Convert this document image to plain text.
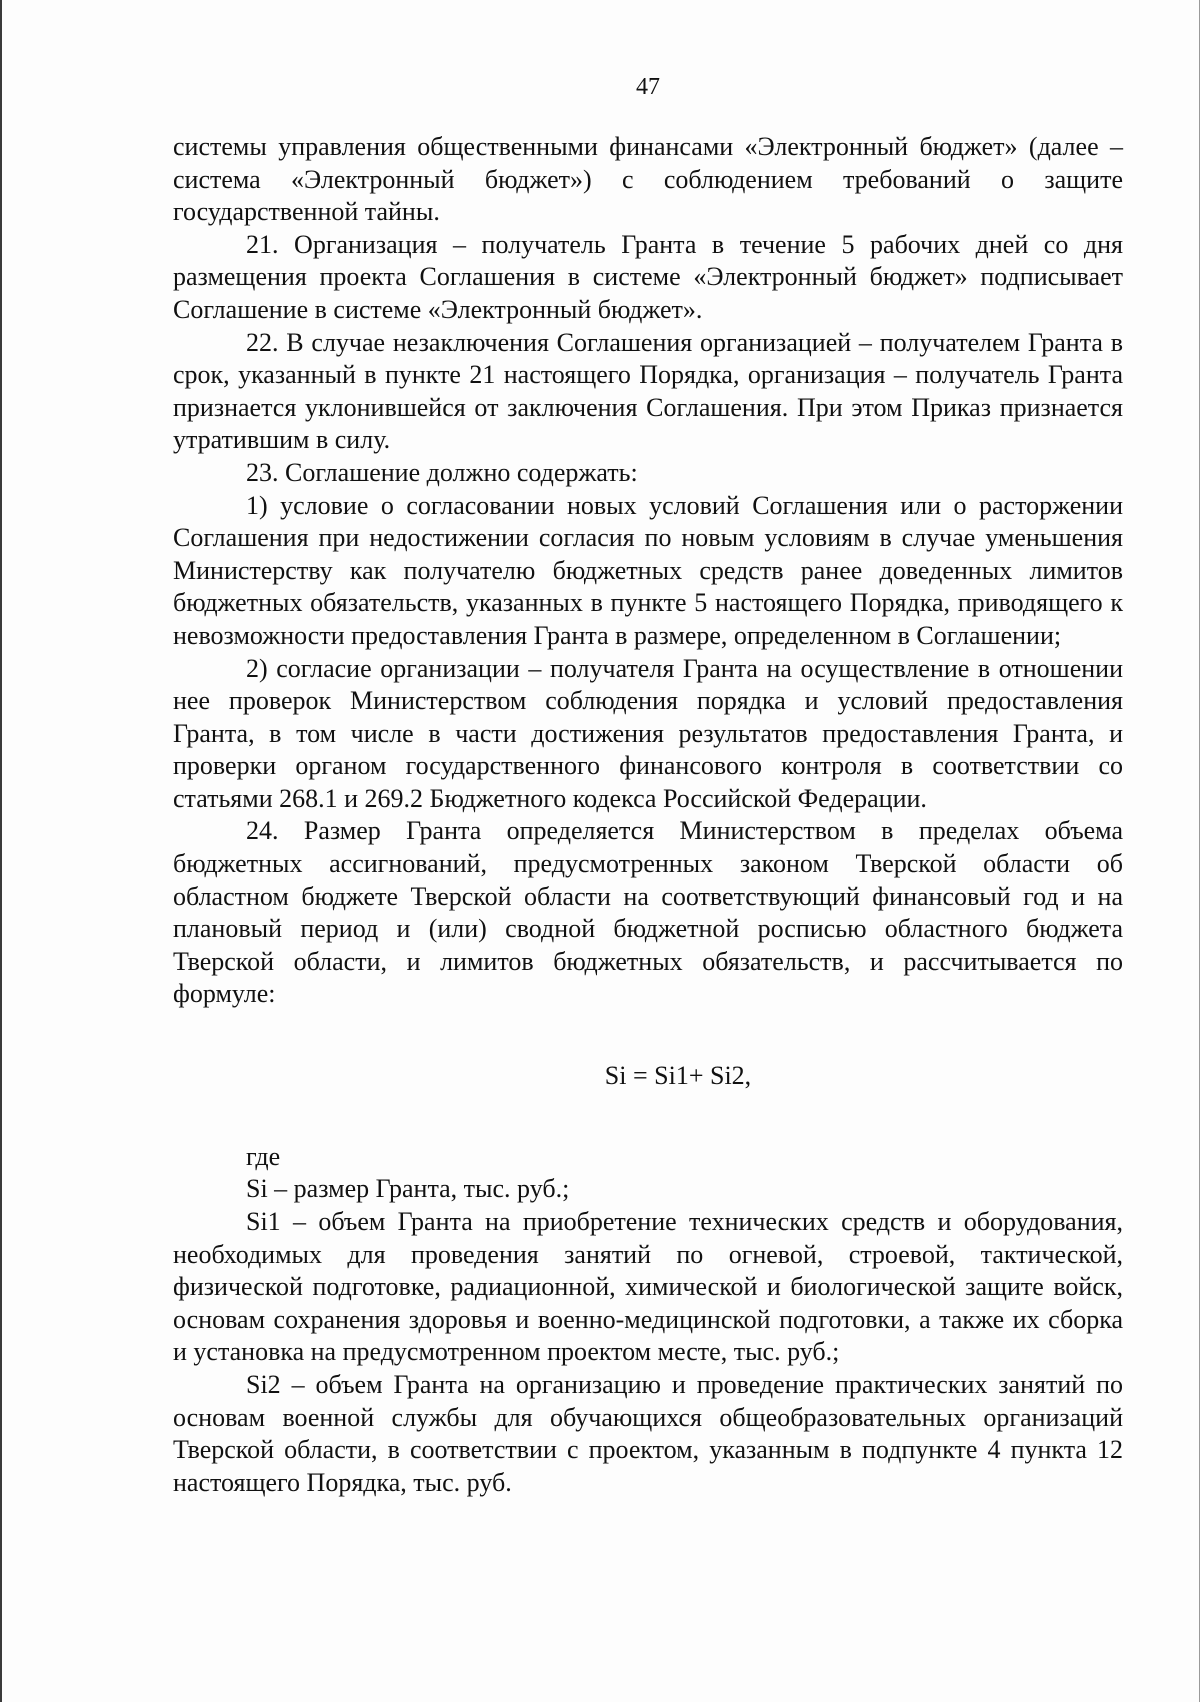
47

системы управления общественными финансами «Электронный бюджет» (далее – система «Электронный бюджет») с соблюдением требований о защите государственной тайны.

21. Организация – получатель Гранта в течение 5 рабочих дней со дня размещения проекта Соглашения в системе «Электронный бюджет» подписывает Соглашение в системе «Электронный бюджет».

22. В случае незаключения Соглашения организацией – получателем Гранта в срок, указанный в пункте 21 настоящего Порядка, организация – получатель Гранта признается уклонившейся от заключения Соглашения. При этом Приказ признается утратившим в силу.

23. Соглашение должно содержать:

1) условие о согласовании новых условий Соглашения или о расторжении Соглашения при недостижении согласия по новым условиям в случае уменьшения Министерству как получателю бюджетных средств ранее доведенных лимитов бюджетных обязательств, указанных в пункте 5 настоящего Порядка, приводящего к невозможности предоставления Гранта в размере, определенном в Соглашении;

2) согласие организации – получателя Гранта на осуществление в отношении нее проверок Министерством соблюдения порядка и условий предоставления Гранта, в том числе в части достижения результатов предоставления Гранта, и проверки органом государственного финансового контроля в соответствии со статьями 268.1 и 269.2 Бюджетного кодекса Российской Федерации.

24. Размер Гранта определяется Министерством в пределах объема бюджетных ассигнований, предусмотренных законом Тверской области об областном бюджете Тверской области на соответствующий финансовый год и на плановый период и (или) сводной бюджетной росписью областного бюджета Тверской области, и лимитов бюджетных обязательств, и рассчитывается по формуле:

Si = Si1+ Si2,

где

Si – размер Гранта, тыс. руб.;

Si1 – объем Гранта на приобретение технических средств и оборудования, необходимых для проведения занятий по огневой, строевой, тактической, физической подготовке, радиационной, химической и биологической защите войск, основам сохранения здоровья и военно-медицинской подготовки, а также их сборка и установка на предусмотренном проектом месте, тыс. руб.;

Si2 – объем Гранта на организацию и проведение практических занятий по основам военной службы для обучающихся общеобразовательных организаций Тверской области, в соответствии с проектом, указанным в подпункте 4 пункта 12 настоящего Порядка, тыс. руб.
